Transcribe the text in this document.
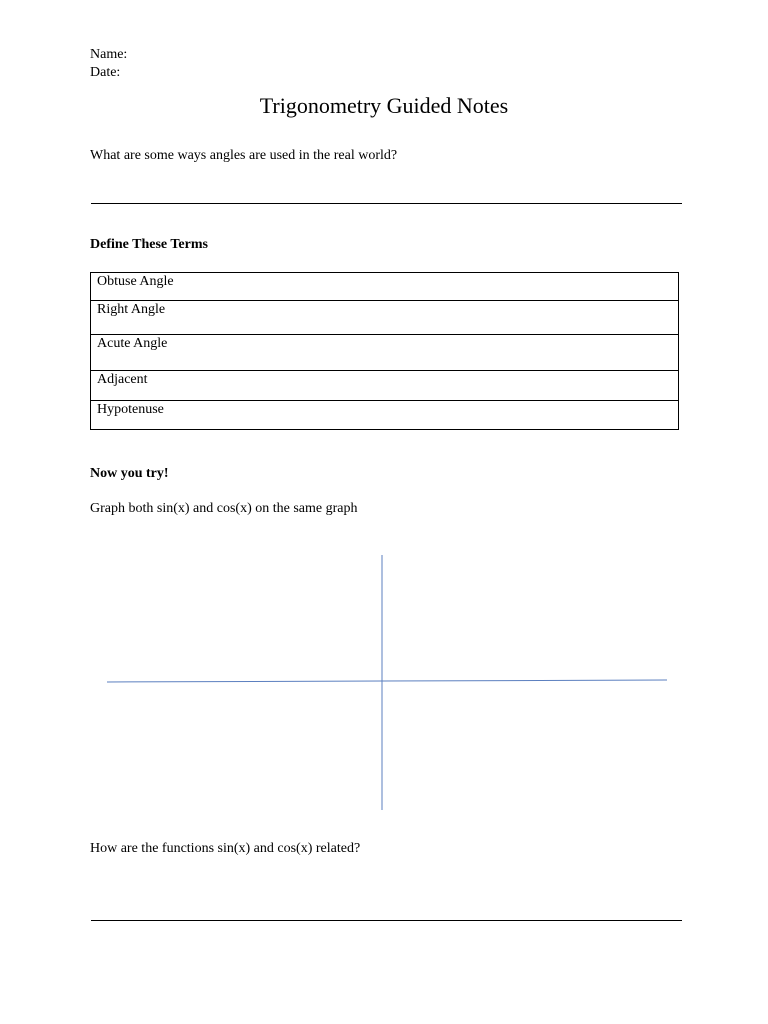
Name:
Date:
Trigonometry Guided Notes
What are some ways angles are used in the real world?
Define These Terms
Obtuse Angle

Right Angle

Acute Angle

Adjacent

Hypotenuse
Now you try!
Graph both sin(x) and cos(x) on the same graph
How are the functions sin(x) and cos(x) related?
